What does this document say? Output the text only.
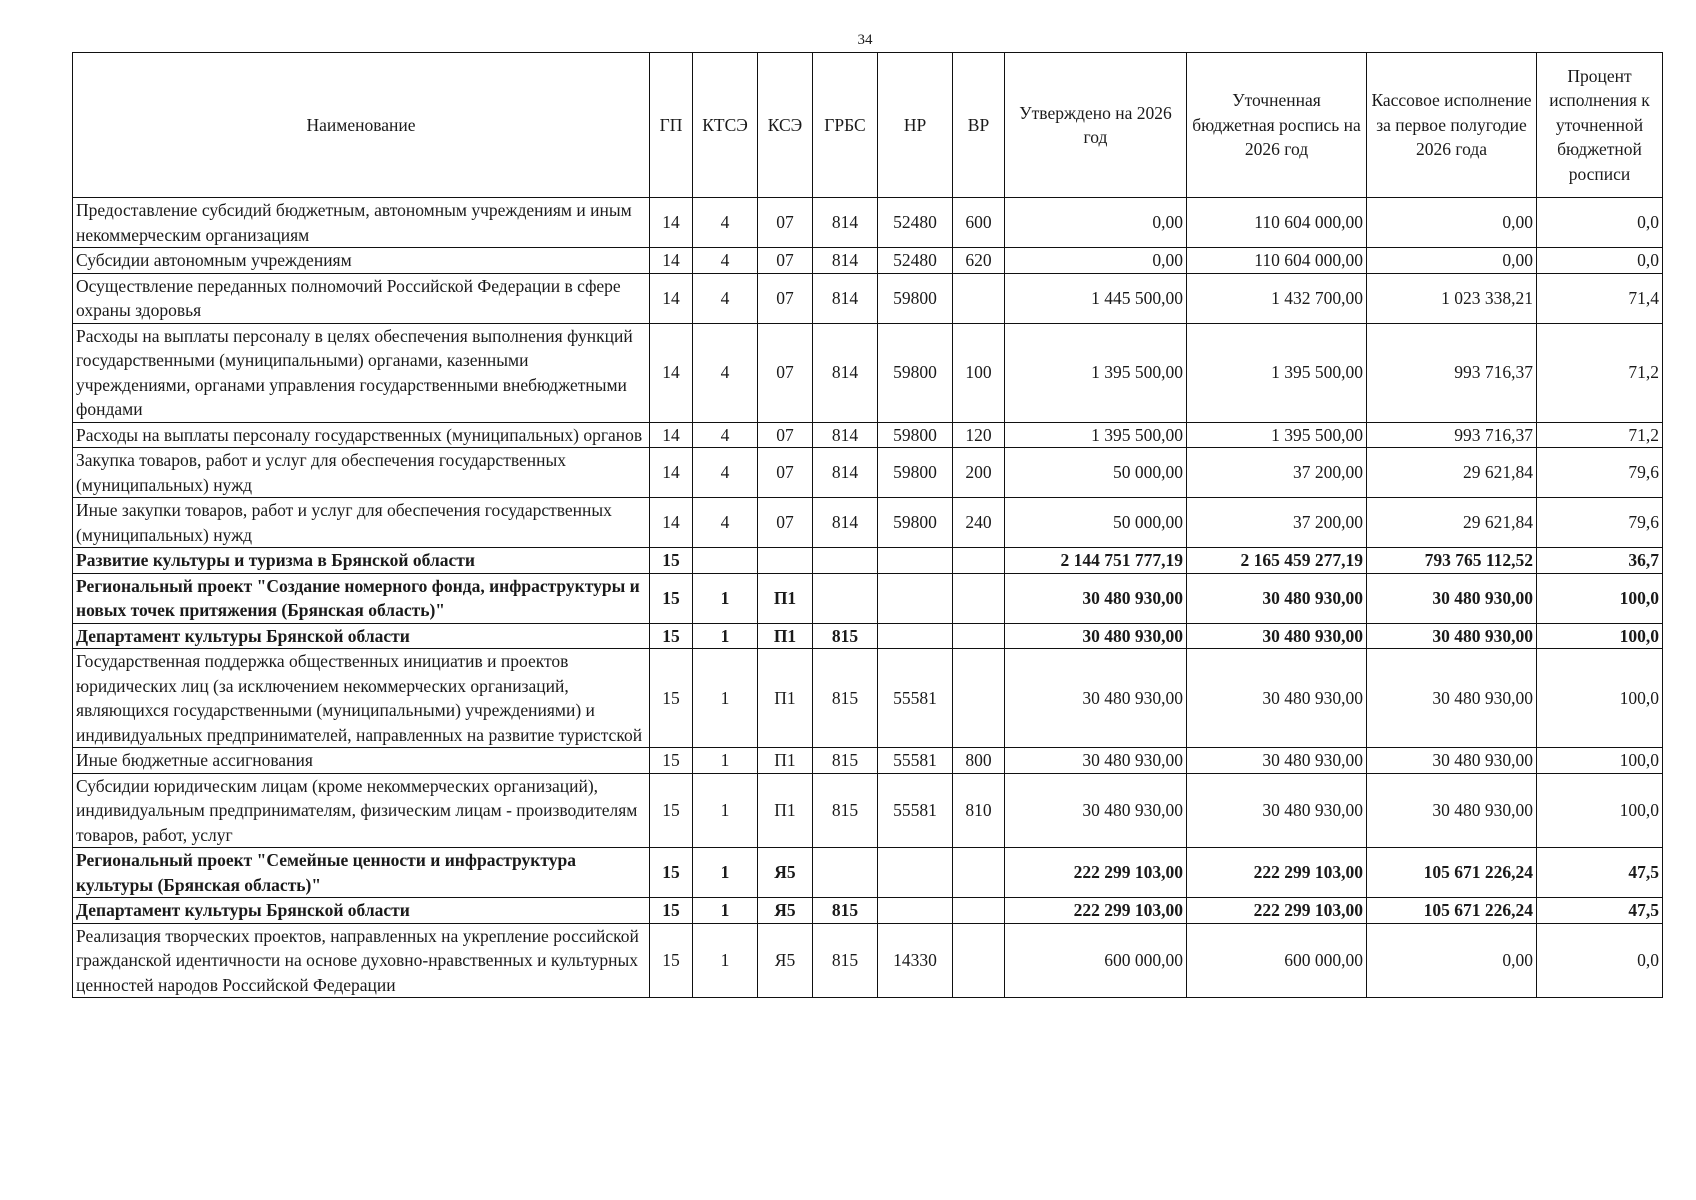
34
Наименование	ГП	КТСЭ	КСЭ	ГРБС	НР	ВР	Утверждено на 2026 год	Уточненная бюджетная роспись на 2026 год	Кассовое исполнение за первое полугодие 2026 года	Процент исполнения к уточненной бюджетной росписи
Предоставление субсидий бюджетным, автономным учреждениям и иным некоммерческим организациям	14	4	07	814	52480	600	0,00	110 604 000,00	0,00	0,0
Субсидии автономным учреждениям	14	4	07	814	52480	620	0,00	110 604 000,00	0,00	0,0
Осуществление переданных полномочий Российской Федерации в сфере охраны здоровья	14	4	07	814	59800		1 445 500,00	1 432 700,00	1 023 338,21	71,4
Расходы на выплаты персоналу в целях обеспечения выполнения функций государственными (муниципальными) органами, казенными учреждениями, органами управления государственными внебюджетными фондами	14	4	07	814	59800	100	1 395 500,00	1 395 500,00	993 716,37	71,2
Расходы на выплаты персоналу государственных (муниципальных) органов	14	4	07	814	59800	120	1 395 500,00	1 395 500,00	993 716,37	71,2
Закупка товаров, работ и услуг для обеспечения государственных (муниципальных) нужд	14	4	07	814	59800	200	50 000,00	37 200,00	29 621,84	79,6
Иные закупки товаров, работ и услуг для обеспечения государственных (муниципальных) нужд	14	4	07	814	59800	240	50 000,00	37 200,00	29 621,84	79,6
Развитие культуры и туризма в Брянской области	15						2 144 751 777,19	2 165 459 277,19	793 765 112,52	36,7
Региональный проект "Создание номерного фонда, инфраструктуры и новых точек притяжения (Брянская область)"	15	1	П1				30 480 930,00	30 480 930,00	30 480 930,00	100,0
Департамент культуры Брянской области	15	1	П1	815			30 480 930,00	30 480 930,00	30 480 930,00	100,0
Государственная поддержка общественных инициатив и проектов юридических лиц (за исключением некоммерческих организаций, являющихся государственными (муниципальными) учреждениями) и индивидуальных предпринимателей, направленных на развитие туристской	15	1	П1	815	55581		30 480 930,00	30 480 930,00	30 480 930,00	100,0
Иные бюджетные ассигнования	15	1	П1	815	55581	800	30 480 930,00	30 480 930,00	30 480 930,00	100,0
Субсидии юридическим лицам (кроме некоммерческих организаций), индивидуальным предпринимателям, физическим лицам - производителям товаров, работ, услуг	15	1	П1	815	55581	810	30 480 930,00	30 480 930,00	30 480 930,00	100,0
Региональный проект "Семейные ценности и инфраструктура культуры (Брянская область)"	15	1	Я5				222 299 103,00	222 299 103,00	105 671 226,24	47,5
Департамент культуры Брянской области	15	1	Я5	815			222 299 103,00	222 299 103,00	105 671 226,24	47,5
Реализация творческих проектов, направленных на укрепление российской гражданской идентичности на основе духовно-нравственных и культурных ценностей народов Российской Федерации	15	1	Я5	815	14330		600 000,00	600 000,00	0,00	0,0
